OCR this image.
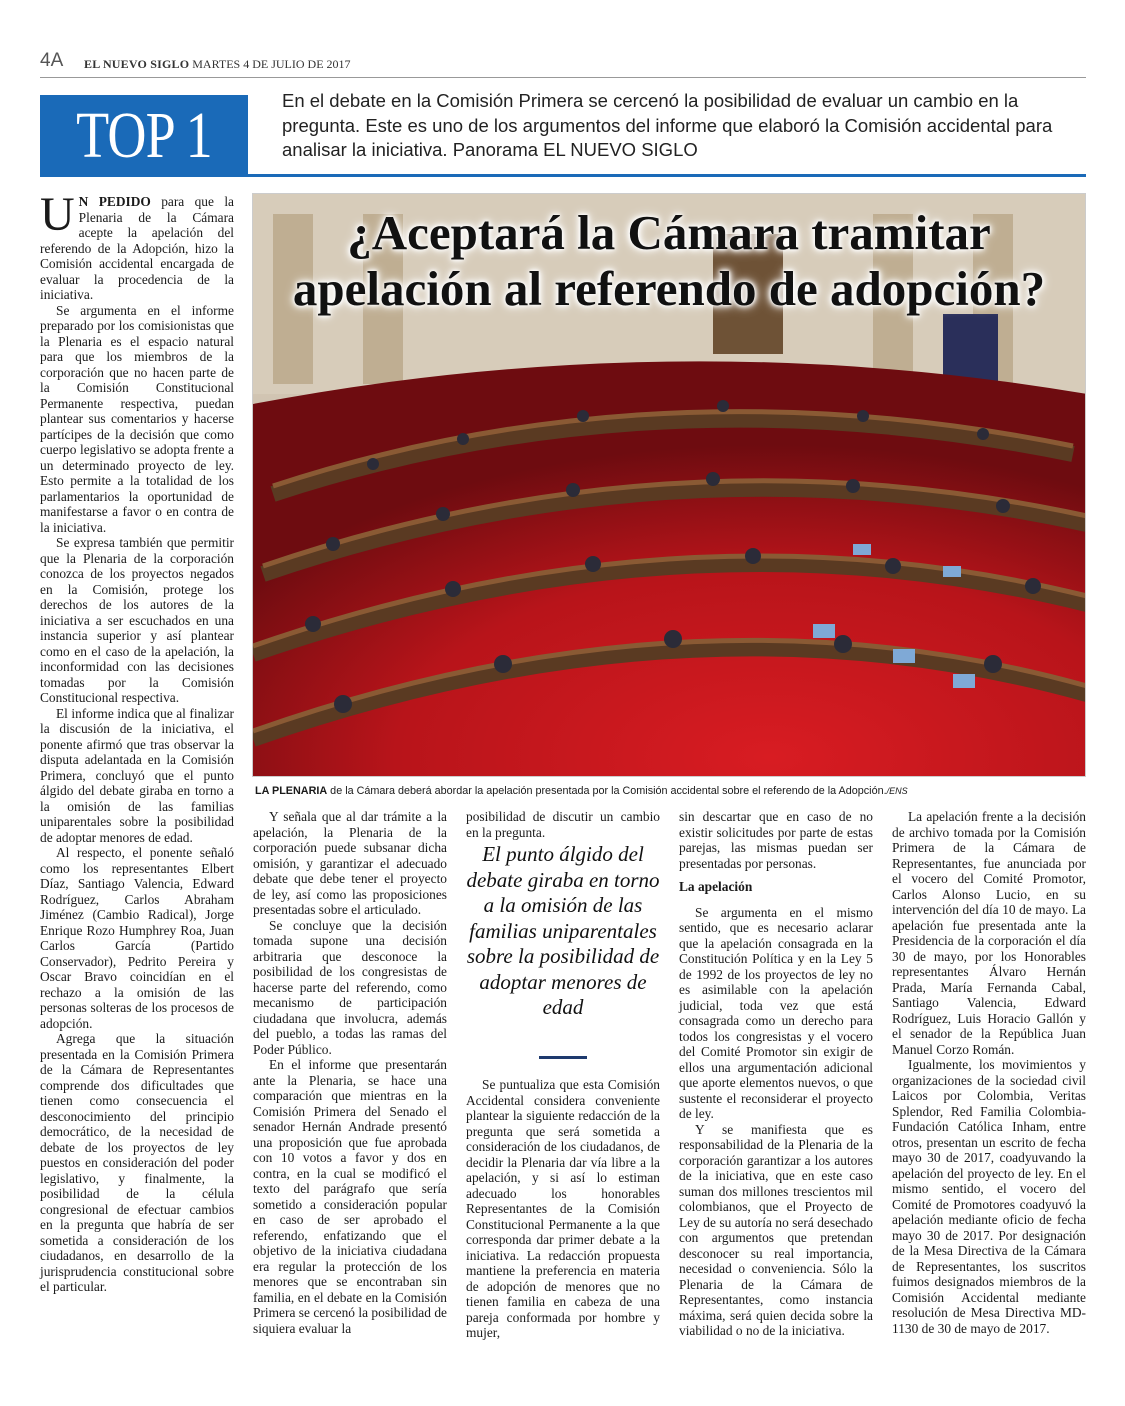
4A EL NUEVO SIGLO MARTES 4 DE JULIO DE 2017
TOP 1	En el debate en la Comisión Primera se cercenó la posibilidad de evaluar un cambio en la pregunta. Este es uno de los argumentos del informe que elaboró la Comisión accidental para analisar la iniciativa. Panorama EL NUEVO SIGLO
¿Aceptará la Cámara tramitar apelación al referendo de adopción?
LA PLENARIA de la Cámara deberá abordar la apelación presentada por la Comisión accidental sobre el referendo de la Adopción./ENS

U N PEDIDO para que la Plenaria de la Cámara acepte la apelación del referendo de la Adopción, hizo la Comisión accidental encargada de evaluar la procedencia de la iniciativa.

Se argumenta en el informe preparado por los comisionistas que la Plenaria es el espacio natural para que los miembros de la corporación que no hacen parte de la Comisión Constitucional Permanente respectiva, puedan plantear sus comentarios y hacerse partícipes de la decisión que como cuerpo legislativo se adopta frente a un determinado proyecto de ley. Esto permite a la totalidad de los parlamentarios la oportunidad de manifestarse a favor o en contra de la iniciativa.

Se expresa también que permitir que la Plenaria de la corporación conozca de los proyectos negados en la Comisión, protege los derechos de los autores de la iniciativa a ser escuchados en una instancia superior y así plantear como en el caso de la apelación, la inconformidad con las decisiones tomadas por la Comisión Constitucional respectiva.

El informe indica que al finalizar la discusión de la iniciativa, el ponente afirmó que tras observar la disputa adelantada en la Comisión Primera, concluyó que el punto álgido del debate giraba en torno a la omisión de las familias uniparentales sobre la posibilidad de adoptar menores de edad.

Al respecto, el ponente señaló como los representantes Elbert Díaz, Santiago Valencia, Edward Rodríguez, Carlos Abraham Jiménez (Cambio Radical), Jorge Enrique Rozo Humphrey Roa, Juan Carlos García (Partido Conservador), Pedrito Pereira y Oscar Bravo coincidían en el rechazo a la omisión de las personas solteras de los procesos de adopción.

Agrega que la situación presentada en la Comisión Primera de la Cámara de Representantes comprende dos dificultades que tienen como consecuencia el desconocimiento del principio democrático, de la necesidad de debate de los proyectos de ley puestos en consideración del poder legislativo, y finalmente, la posibilidad de la célula congresional de efectuar cambios en la pregunta que habría de ser sometida a consideración de los ciudadanos, en desarrollo de la jurisprudencia constitucional sobre el particular.

Y señala que al dar trámite a la apelación, la Plenaria de la corporación puede subsanar dicha omisión, y garantizar el adecuado debate que debe tener el proyecto de ley, así como las proposiciones presentadas sobre el articulado.

Se concluye que la decisión tomada supone una decisión arbitraria que desconoce la posibilidad de los congresistas de hacerse parte del referendo, como mecanismo de participación ciudadana que involucra, además del pueblo, a todas las ramas del Poder Público.

En el informe que presentarán ante la Plenaria, se hace una comparación que mientras en la Comisión Primera del Senado el senador Hernán Andrade presentó una proposición que fue aprobada con 10 votos a favor y dos en contra, en la cual se modificó el texto del parágrafo que sería sometido a consideración popular en caso de ser aprobado el referendo, enfatizando que el objetivo de la iniciativa ciudadana era regular la protección de los menores que se encontraban sin familia, en el debate en la Comisión Primera se cercenó la posibilidad de siquiera evaluar la

posibilidad de discutir un cambio en la pregunta.

El punto álgido del debate giraba en torno a la omisión de las familias uniparentales sobre la posibilidad de adoptar menores de edad

Se puntualiza que esta Comisión Accidental considera conveniente plantear la siguiente redacción de la pregunta que será sometida a consideración de los ciudadanos, de decidir la Plenaria dar vía libre a la apelación, y si así lo estiman adecuado los honorables Representantes de la Comisión Constitucional Permanente a la que corresponda dar primer debate a la iniciativa. La redacción propuesta mantiene la preferencia en materia de adopción de menores que no tienen familia en cabeza de una pareja conformada por hombre y mujer,

sin descartar que en caso de no existir solicitudes por parte de estas parejas, las mismas puedan ser presentadas por personas.

La apelación

Se argumenta en el mismo sentido, que es necesario aclarar que la apelación consagrada en la Constitución Política y en la Ley 5 de 1992 de los proyectos de ley no es asimilable con la apelación judicial, toda vez que está consagrada como un derecho para todos los congresistas y el vocero del Comité Promotor sin exigir de ellos una argumentación adicional que aporte elementos nuevos, o que sustente el reconsiderar el proyecto de ley.

Y se manifiesta que es responsabilidad de la Plenaria de la corporación garantizar a los autores de la iniciativa, que en este caso suman dos millones trescientos mil colombianos, que el Proyecto de Ley de su autoría no será desechado con argumentos que pretendan desconocer su real importancia, necesidad o conveniencia. Sólo la Plenaria de la Cámara de Representantes, como instancia máxima, será quien decida sobre la viabilidad o no de la iniciativa.

La apelación frente a la decisión de archivo tomada por la Comisión Primera de la Cámara de Representantes, fue anunciada por el vocero del Comité Promotor, Carlos Alonso Lucio, en su intervención del día 10 de mayo. La apelación fue presentada ante la Presidencia de la corporación el día 30 de mayo, por los Honorables representantes Álvaro Hernán Prada, María Fernanda Cabal, Santiago Valencia, Edward Rodríguez, Luis Horacio Gallón y el senador de la República Juan Manuel Corzo Román.

Igualmente, los movimientos y organizaciones de la sociedad civil Laicos por Colombia, Veritas Splendor, Red Familia Colombia-Fundación Católica Inham, entre otros, presentan un escrito de fecha mayo 30 de 2017, coadyuvando la apelación del proyecto de ley. En el mismo sentido, el vocero del Comité de Promotores coadyuvó la apelación mediante oficio de fecha mayo 30 de 2017. Por designación de la Mesa Directiva de la Cámara de Representantes, los suscritos fuimos designados miembros de la Comisión Accidental mediante resolución de Mesa Directiva MD-1130 de 30 de mayo de 2017.
